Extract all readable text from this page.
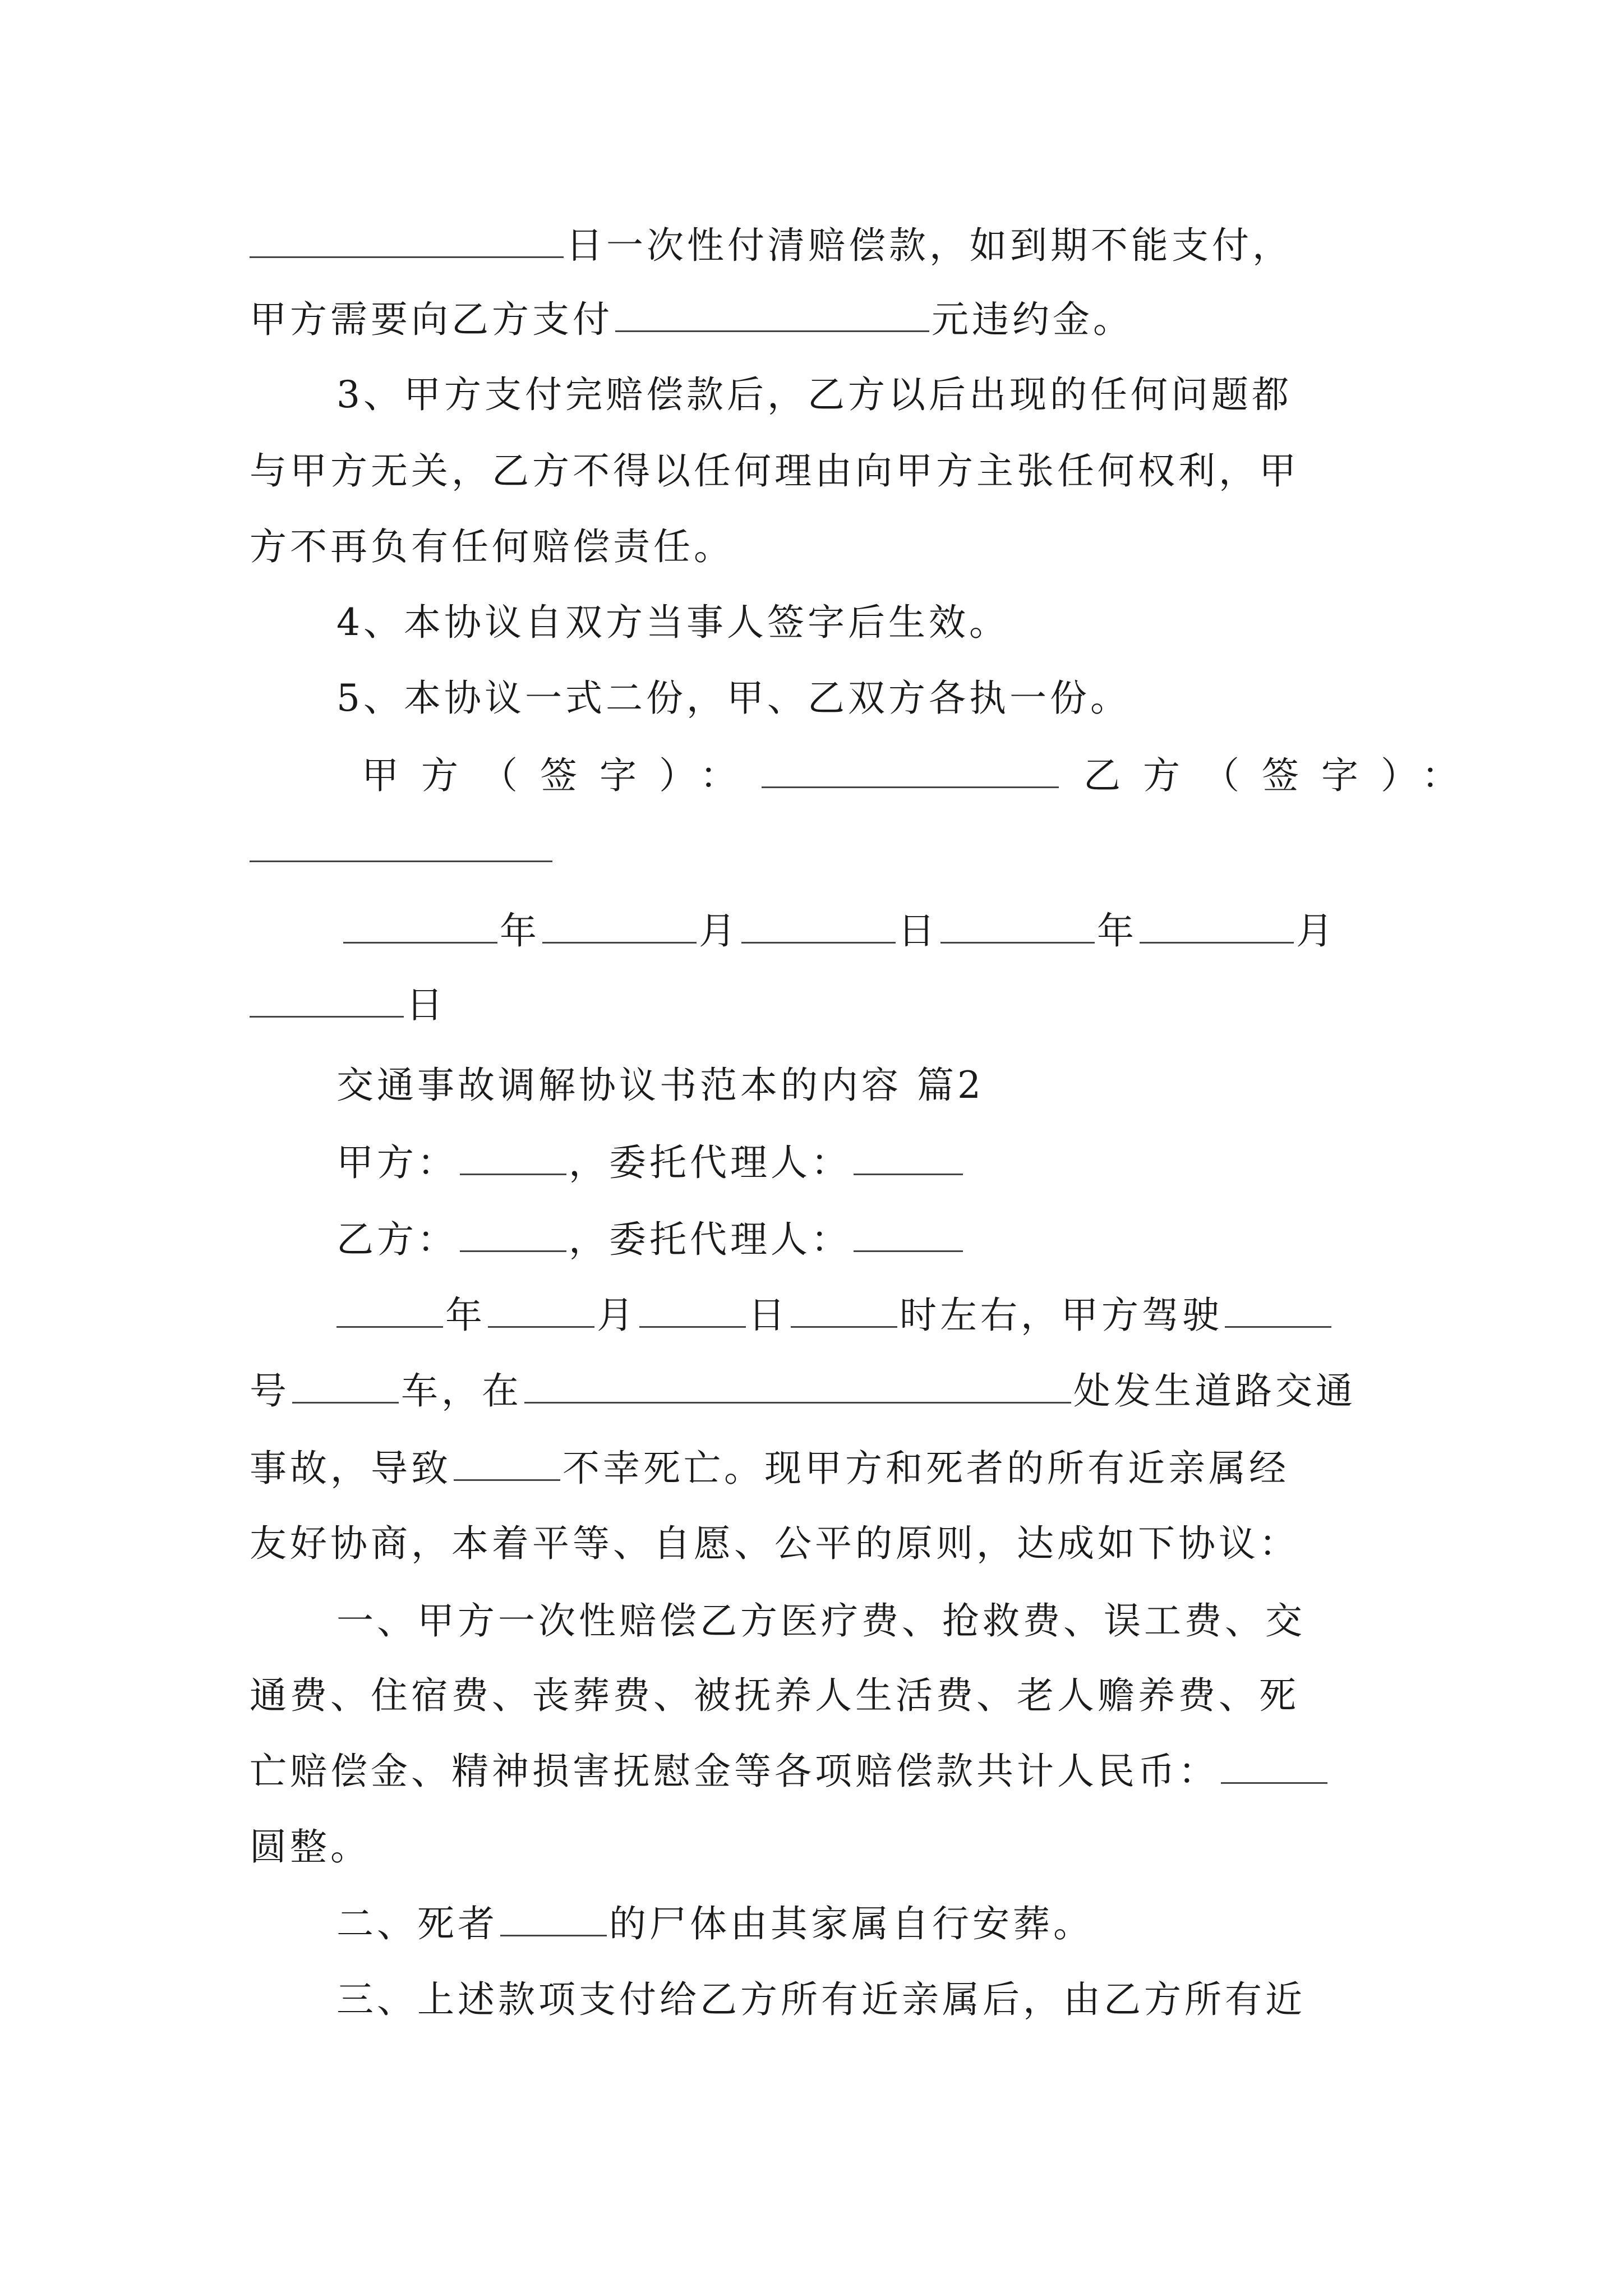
日一次性付清赔偿款，如到期不能支付，
甲方需要向乙方支付	元违约金。
3、甲方支付完赔偿款后，乙方以后出现的任何问题都
与甲方无关，乙方不得以任何理由向甲方主张任何权利，甲
方不再负有任何赔偿责任。
4、本协议自双方当事人签字后生效。
5、本协议一式二份，甲、乙双方各执一份。
甲方（签字）：	乙方（签字）：
年	月	日	年	月
日
交通事故调解协议书范本的内容 篇2
甲方：	，委托代理人：
乙方：	，委托代理人：
年	月	日	时左右，甲方驾驶
号	车，在	处发生道路交通
事故，导致	不幸死亡。现甲方和死者的所有近亲属经
友好协商，本着平等、自愿、公平的原则，达成如下协议：
一、甲方一次性赔偿乙方医疗费、抢救费、误工费、交
通费、住宿费、丧葬费、被抚养人生活费、老人赡养费、死
亡赔偿金、精神损害抚慰金等各项赔偿款共计人民币：
圆整。
二、死者	的尸体由其家属自行安葬。
三、上述款项支付给乙方所有近亲属后，由乙方所有近
